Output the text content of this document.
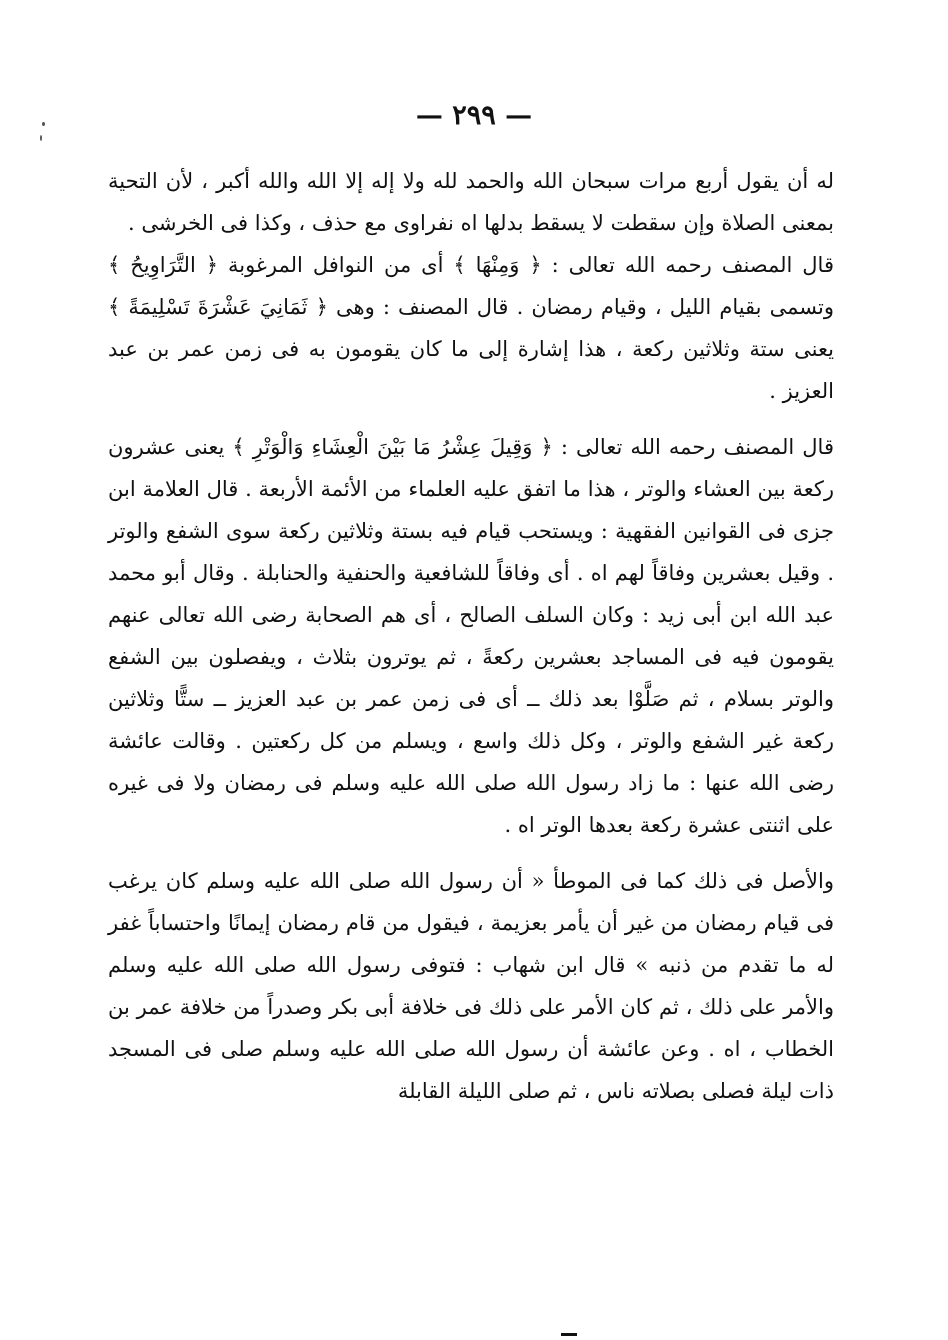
— ٢٩٩ —

له أن يقول أربع مرات سبحان الله والحمد لله ولا إله إلا الله والله أكبر ، لأن التحية بمعنى الصلاة وإن سقطت لا يسقط بدلها اه نفراوى مع حذف ، وكذا فى الخرشى .

قال المصنف رحمه الله تعالى : ﴿ وَمِنْهَا ﴾ أى من النوافل المرغوبة ﴿ التَّرَاوِيحُ ﴾ وتسمى بقيام الليل ، وقيام رمضان . قال المصنف : وهى ﴿ ثَمَانِيَ عَشْرَةَ تَسْلِيمَةً ﴾ يعنى ستة وثلاثين ركعة ، هذا إشارة إلى ما كان يقومون به فى زمن عمر بن عبد العزيز .

قال المصنف رحمه الله تعالى : ﴿ وَقِيلَ عِشْرُ مَا بَيْنَ الْعِشَاءِ وَالْوَتْرِ ﴾ يعنى عشرون ركعة بين العشاء والوتر ، هذا ما اتفق عليه العلماء من الأئمة الأربعة . قال العلامة ابن جزى فى القوانين الفقهية : ويستحب قيام فيه بستة وثلاثين ركعة سوى الشفع والوتر . وقيل بعشرين وفاقاً لهم اه . أى وفاقاً للشافعية والحنفية والحنابلة . وقال أبو محمد عبد الله ابن أبى زيد : وكان السلف الصالح ، أى هم الصحابة رضى الله تعالى عنهم يقومون فيه فى المساجد بعشرين ركعةً ، ثم يوترون بثلاث ، ويفصلون بين الشفع والوتر بسلام ، ثم صَلَّوْا بعد ذلك ــ أى فى زمن عمر بن عبد العزيز ــ ستًّا وثلاثين ركعة غير الشفع والوتر ، وكل ذلك واسع ، ويسلم من كل ركعتين . وقالت عائشة رضى الله عنها : ما زاد رسول الله صلى الله عليه وسلم فى رمضان ولا فى غيره على اثنتى عشرة ركعة بعدها الوتر اه .

والأصل فى ذلك كما فى الموطأ « أن رسول الله صلى الله عليه وسلم كان يرغب فى قيام رمضان من غير أن يأمر بعزيمة ، فيقول من قام رمضان إيمانًا واحتساباً غفر له ما تقدم من ذنبه » قال ابن شهاب : فتوفى رسول الله صلى الله عليه وسلم والأمر على ذلك ، ثم كان الأمر على ذلك فى خلافة أبى بكر وصدراً من خلافة عمر بن الخطاب ، اه . وعن عائشة أن رسول الله صلى الله عليه وسلم صلى فى المسجد ذات ليلة فصلى بصلاته ناس ، ثم صلى الليلة القابلة
